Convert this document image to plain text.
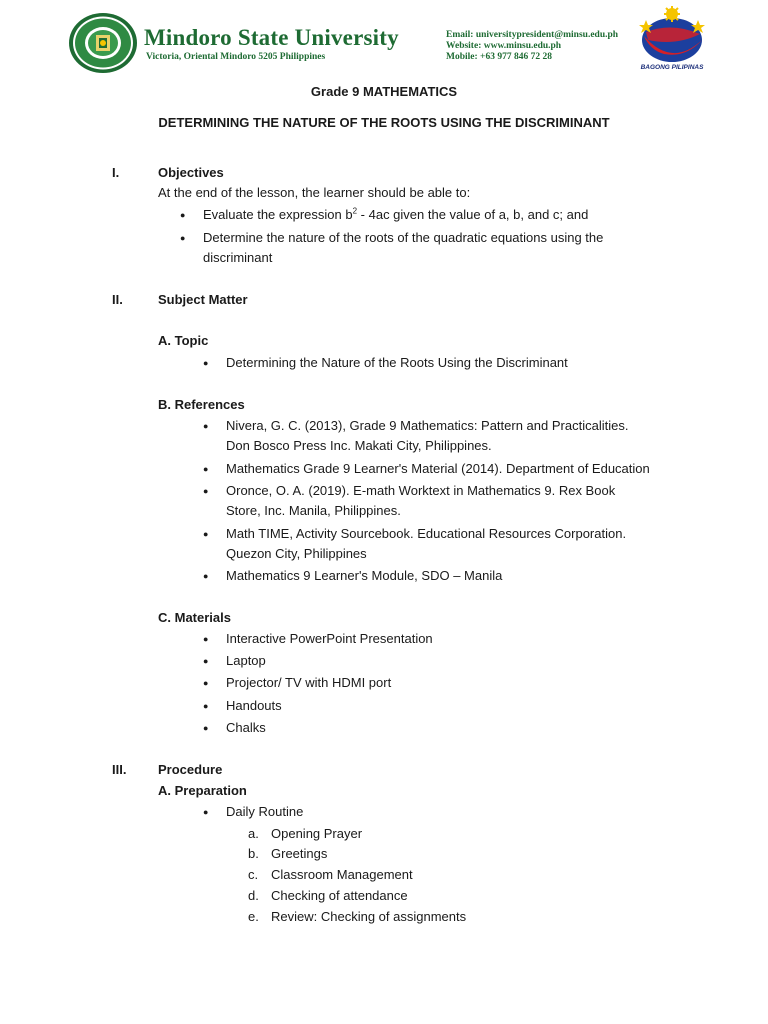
Mindoro State University
Victoria, Oriental Mindoro 5205 Philippines
Email: universitypresident@minsu.edu.ph
Website: www.minsu.edu.ph
Mobile: +63 977 846 72 28
BAGONG PILIPINAS
Grade 9 MATHEMATICS
DETERMINING THE NATURE OF THE ROOTS USING THE DISCRIMINANT
I.	Objectives
At the end of the lesson, the learner should be able to:
● Evaluate the expression $b^2 - 4ac$ given the value of a, b, and c; and
● Determine the nature of the roots of the quadratic equations using the
discriminant
II.	Subject Matter
A. Topic
● Determining the Nature of the Roots Using the Discriminant
B. References
● Nivera, G. C. (2013), Grade 9 Mathematics: Pattern and Practicalities.
Don Bosco Press Inc. Makati City, Philippines.
● Mathematics Grade 9 Learner's Material (2014). Department of Education
● Oronce, O. A. (2019). E-math Worktext in Mathematics 9. Rex Book
Store, Inc. Manila, Philippines.
● Math TIME, Activity Sourcebook. Educational Resources Corporation.
Quezon City, Philippines
● Mathematics 9 Learner's Module, SDO – Manila
C. Materials
● Interactive PowerPoint Presentation
● Laptop
● Projector/ TV with HDMI port
● Handouts
● Chalks
III. Procedure
A. Preparation
● Daily Routine
a. Opening Prayer
b. Greetings
c. Classroom Management
d. Checking of attendance
e. Review: Checking of assignments
